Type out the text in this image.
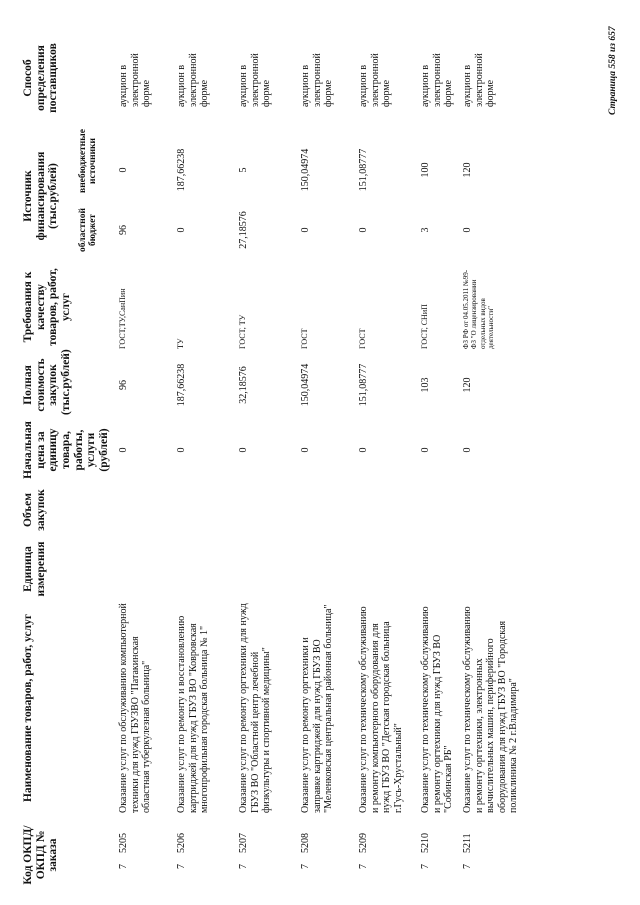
Страница 558 из 657
Код ОКПД/ ОКПД № заказа
Наименование товаров, работ, услуг
Единица измерения
Объем закупок
Начальная цена за единицу товара, работы, услуги (рублей)
Полная стоимость закупок (тыс.рублей)
Требования к качеству товаров, работ, услуг
Источник финансирования (тыс.рублей)
областной бюджет
внебюджетные источники
Способ определения поставщиков
7
5205
Оказание услуг по обслуживанию компьютерной техники для нужд ГБУЗВО "Патакинская областная туберкулезная больница"
0
96
ГОСТ,ТУ,СанПин
96
0
аукцион в электронной форме
7
5206
Оказание услуг по ремонту и восстановлению картриджей для нужд ГБУЗ ВО "Ковровская многопрофильная городская больница № 1"
0
187,66238
ТУ
0
187,66238
аукцион в электронной форме
7
5207
Оказание услуг по ремонту оргтехники для нужд ГБУЗ ВО "Областной центр лечебной физкультуры и спортивной медицины"
0
32,18576
ГОСТ, ТУ
27,18576
5
аукцион в электронной форме
7
5208
Оказание услуг по ремонту оргтехники и заправке картриджей для нужд ГБУЗ ВО "Меленковская центральная районная больница"
0
150,04974
ГОСТ
0
150,04974
аукцион в электронной форме
7
5209
Оказание услуг по техническому обслуживанию и ремонту компьютерного оборудования для нужд ГБУЗ ВО "Детская городская больница г.Гусь-Хрустальный"
0
151,08777
ГОСТ
0
151,08777
аукцион в электронной форме
7
5210
Оказание услуг по техническому обслуживанию и ремонту оргтехники для нужд ГБУЗ ВО "Собинская РБ"
0
103
ГОСТ, СНиП
3
100
аукцион в электронной форме
7
5211
Оказание услуг по техническому обслуживанию и ремонту оргтехники, электронных вычислительных машин, периферийного оборудования для нужд ГБУЗ ВО "Городская поликлиника № 2 г.Владимира"
0
120
ФЗ РФ от 04.05.2011 №99-ФЗ "О лицензировании отдельных видов деятельности"
0
120
аукцион в электронной форме
